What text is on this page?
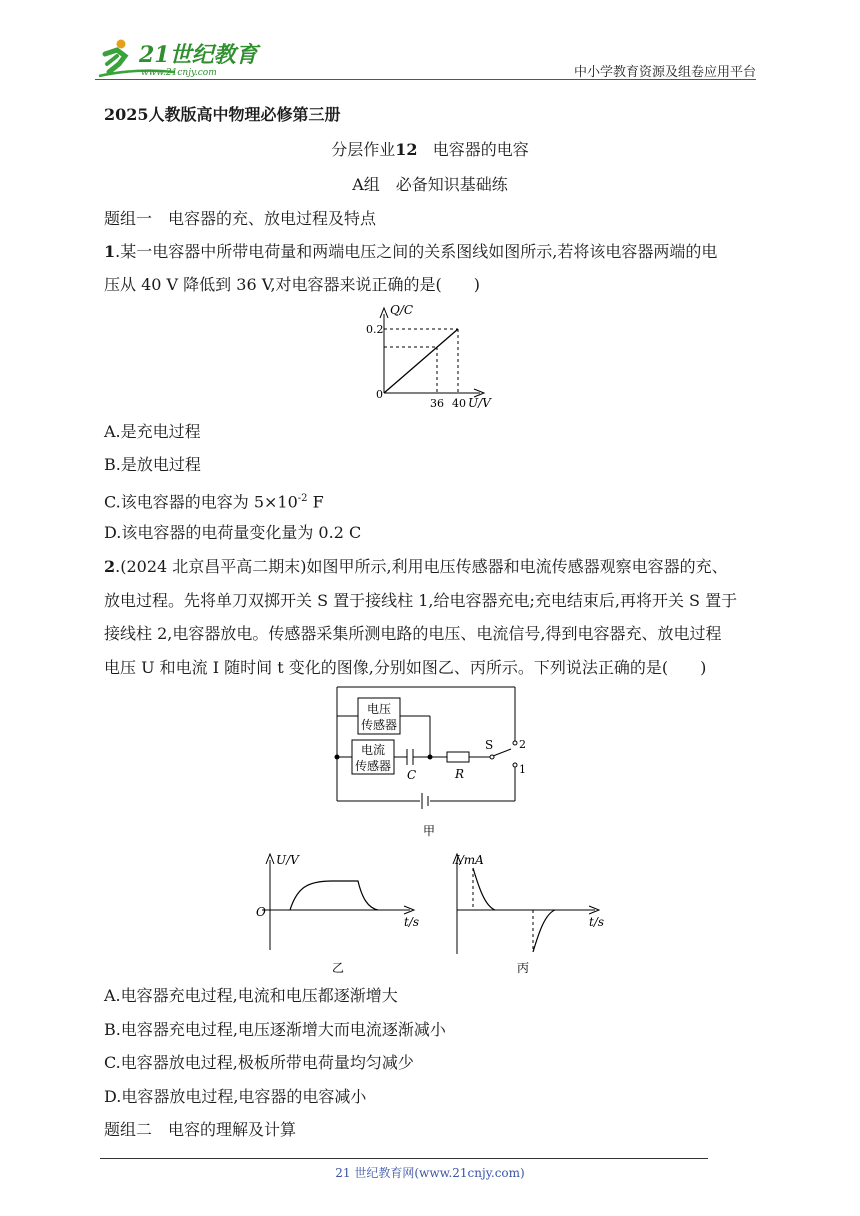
21世纪教育
www.21cnjy.com	中小学教育资源及组卷应用平台
2025人教版高中物理必修第三册
分层作业12 电容器的电容
A组　必备知识基础练
题组一　电容器的充、放电过程及特点
1.某一电容器中所带电荷量和两端电压之间的关系图线如图所示,若将该电容器两端的电
压从 40 V 降低到 36 V,对电容器来说正确的是(　　)
Q/C
0.2
0
36 40 U/V
A.是充电过程
B.是放电过程
C.该电容器的电容为 $5\times 10^{-2}$ F
D.该电容器的电荷量变化量为 0.2 C
2.(2024 北京昌平高二期末)如图甲所示,利用电压传感器和电流传感器观察电容器的充、
放电过程。先将单刀双掷开关 S 置于接线柱 1,给电容器充电;充电结束后,再将开关 S 置于
接线柱 2,电容器放电。传感器采集所测电路的电压、电流信号,得到电容器充、放电过程
电压 U 和电流 I 随时间 t 变化的图像,分别如图乙、丙所示。下列说法正确的是(　　)
电压
传感器
电流
传感器
C	R
S 2
1
甲
U/V
O
t/s
乙
I/mA
t/s
丙
A.电容器充电过程,电流和电压都逐渐增大
B.电容器充电过程,电压逐渐增大而电流逐渐减小
C.电容器放电过程,极板所带电荷量均匀减少
D.电容器放电过程,电容器的电容减小
题组二　电容的理解及计算
21 世纪教育网(www.21cnjy.com)
